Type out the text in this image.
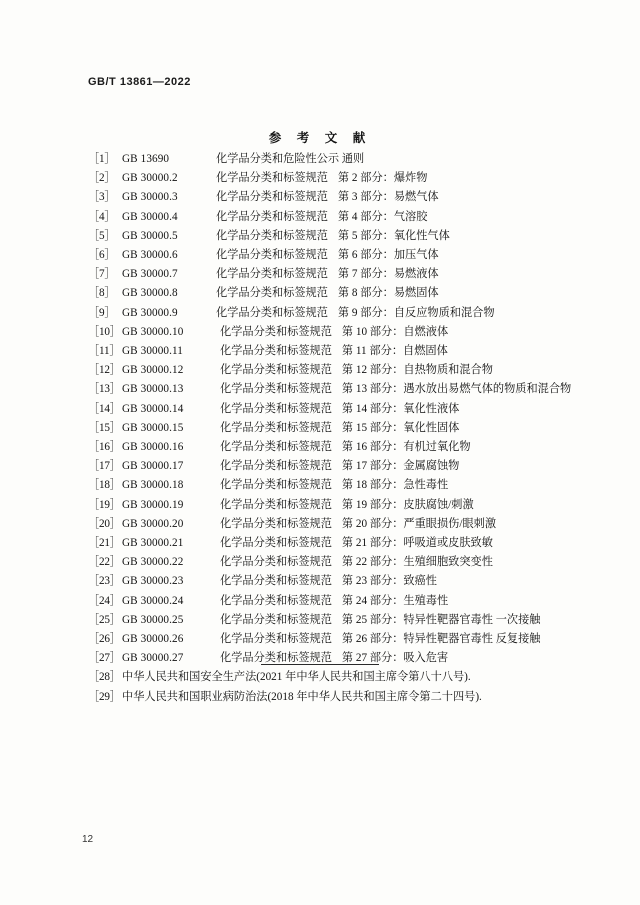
GB/T 13861—2022
参 考 文 献
［1］ GB 13690	化学品分类和危险性公示 通则
［2］ GB 30000.2	化学品分类和标签规范 第 2 部分：爆炸物
［3］ GB 30000.3	化学品分类和标签规范 第 3 部分：易燃气体
［4］ GB 30000.4	化学品分类和标签规范 第 4 部分：气溶胶
［5］ GB 30000.5	化学品分类和标签规范 第 5 部分：氧化性气体
［6］ GB 30000.6	化学品分类和标签规范 第 6 部分：加压气体
［7］ GB 30000.7	化学品分类和标签规范 第 7 部分：易燃液体
［8］ GB 30000.8	化学品分类和标签规范 第 8 部分：易燃固体
［9］ GB 30000.9	化学品分类和标签规范 第 9 部分：自反应物质和混合物
［10］ GB 30000.10	化学品分类和标签规范 第 10 部分：自燃液体
［11］ GB 30000.11	化学品分类和标签规范 第 11 部分：自燃固体
［12］ GB 30000.12	化学品分类和标签规范 第 12 部分：自热物质和混合物
［13］ GB 30000.13	化学品分类和标签规范 第 13 部分：遇水放出易燃气体的物质和混合物
［14］ GB 30000.14	化学品分类和标签规范 第 14 部分：氧化性液体
［15］ GB 30000.15	化学品分类和标签规范 第 15 部分：氧化性固体
［16］ GB 30000.16	化学品分类和标签规范 第 16 部分：有机过氧化物
［17］ GB 30000.17	化学品分类和标签规范 第 17 部分：金属腐蚀物
［18］ GB 30000.18	化学品分类和标签规范 第 18 部分：急性毒性
［19］ GB 30000.19	化学品分类和标签规范 第 19 部分：皮肤腐蚀/刺激
［20］ GB 30000.20	化学品分类和标签规范 第 20 部分：严重眼损伤/眼刺激
［21］ GB 30000.21	化学品分类和标签规范 第 21 部分：呼吸道或皮肤致敏
［22］ GB 30000.22	化学品分类和标签规范 第 22 部分：生殖细胞致突变性
［23］ GB 30000.23	化学品分类和标签规范 第 23 部分：致癌性
［24］ GB 30000.24	化学品分类和标签规范 第 24 部分：生殖毒性
［25］ GB 30000.25	化学品分类和标签规范 第 25 部分：特异性靶器官毒性 一次接触
［26］ GB 30000.26	化学品分类和标签规范 第 26 部分：特异性靶器官毒性 反复接触
［27］ GB 30000.27	化学品分类和标签规范 第 27 部分：吸入危害
［28］ 中华人民共和国安全生产法(2021 年中华人民共和国主席令第八十八号).
［29］ 中华人民共和国职业病防治法(2018 年中华人民共和国主席令第二十四号).
12
